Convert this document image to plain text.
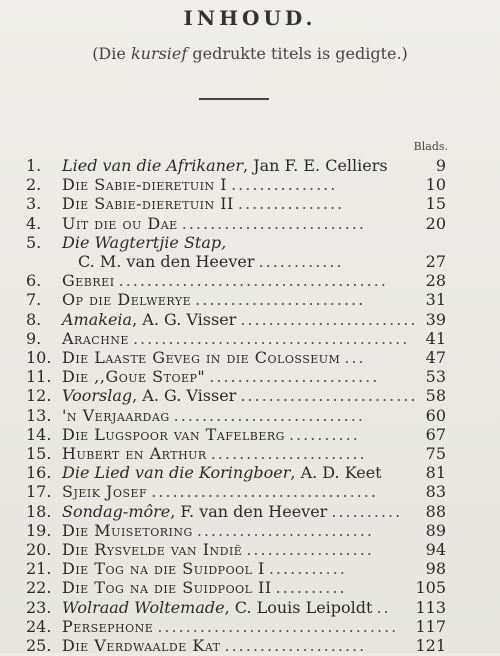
INHOUD.
(Die kursief gedrukte titels is gedigte.)
Blads.
1.	Lied van die Afrikaner, Jan F. E. Celliers	9
2.	Die Sabie-dieretuin I ...............	10
3.	Die Sabie-dieretuin II ...............	15
4.	Uit die ou Dae ..........................	20
5.	Die Wagtertjie Stap,
C. M. van den Heever ............	27
6.	Gebrei ...................................... 28
7.	Op die Delwerye ........................	31
8.	Amakeia, A. G. Visser ......................... 39
9.	Arachne ....................................... 41
10. Die Laaste Geveg in die Colosseum ...	47
11. Die ,,Goue Stoep" ........................	53
12. Voorslag, A. G. Visser ......................... 58
13. 'n Verjaardag ...........................	60
14. Die Lugspoor van Tafelberg ..........	67
15. Hubert en Arthur ......................	75
16. Die Lied van die Koringboer, A. D. Keet	81
17. Sjeik Josef ................................	83
18. Sondag-môre, F. van den Heever .......... 88
19. Die Muisetoring .........................	89
20. Die Rysvelde van Indië ..................	94
21. Die Tog na die Suidpool I ...........	98
22. Die Tog na die Suidpool II ..........	105
23. Wolraad Woltemade, C. Louis Leipoldt .. 113
24. Persephone .................................. 117
25. Die Verdwaalde Kat ....................	121
